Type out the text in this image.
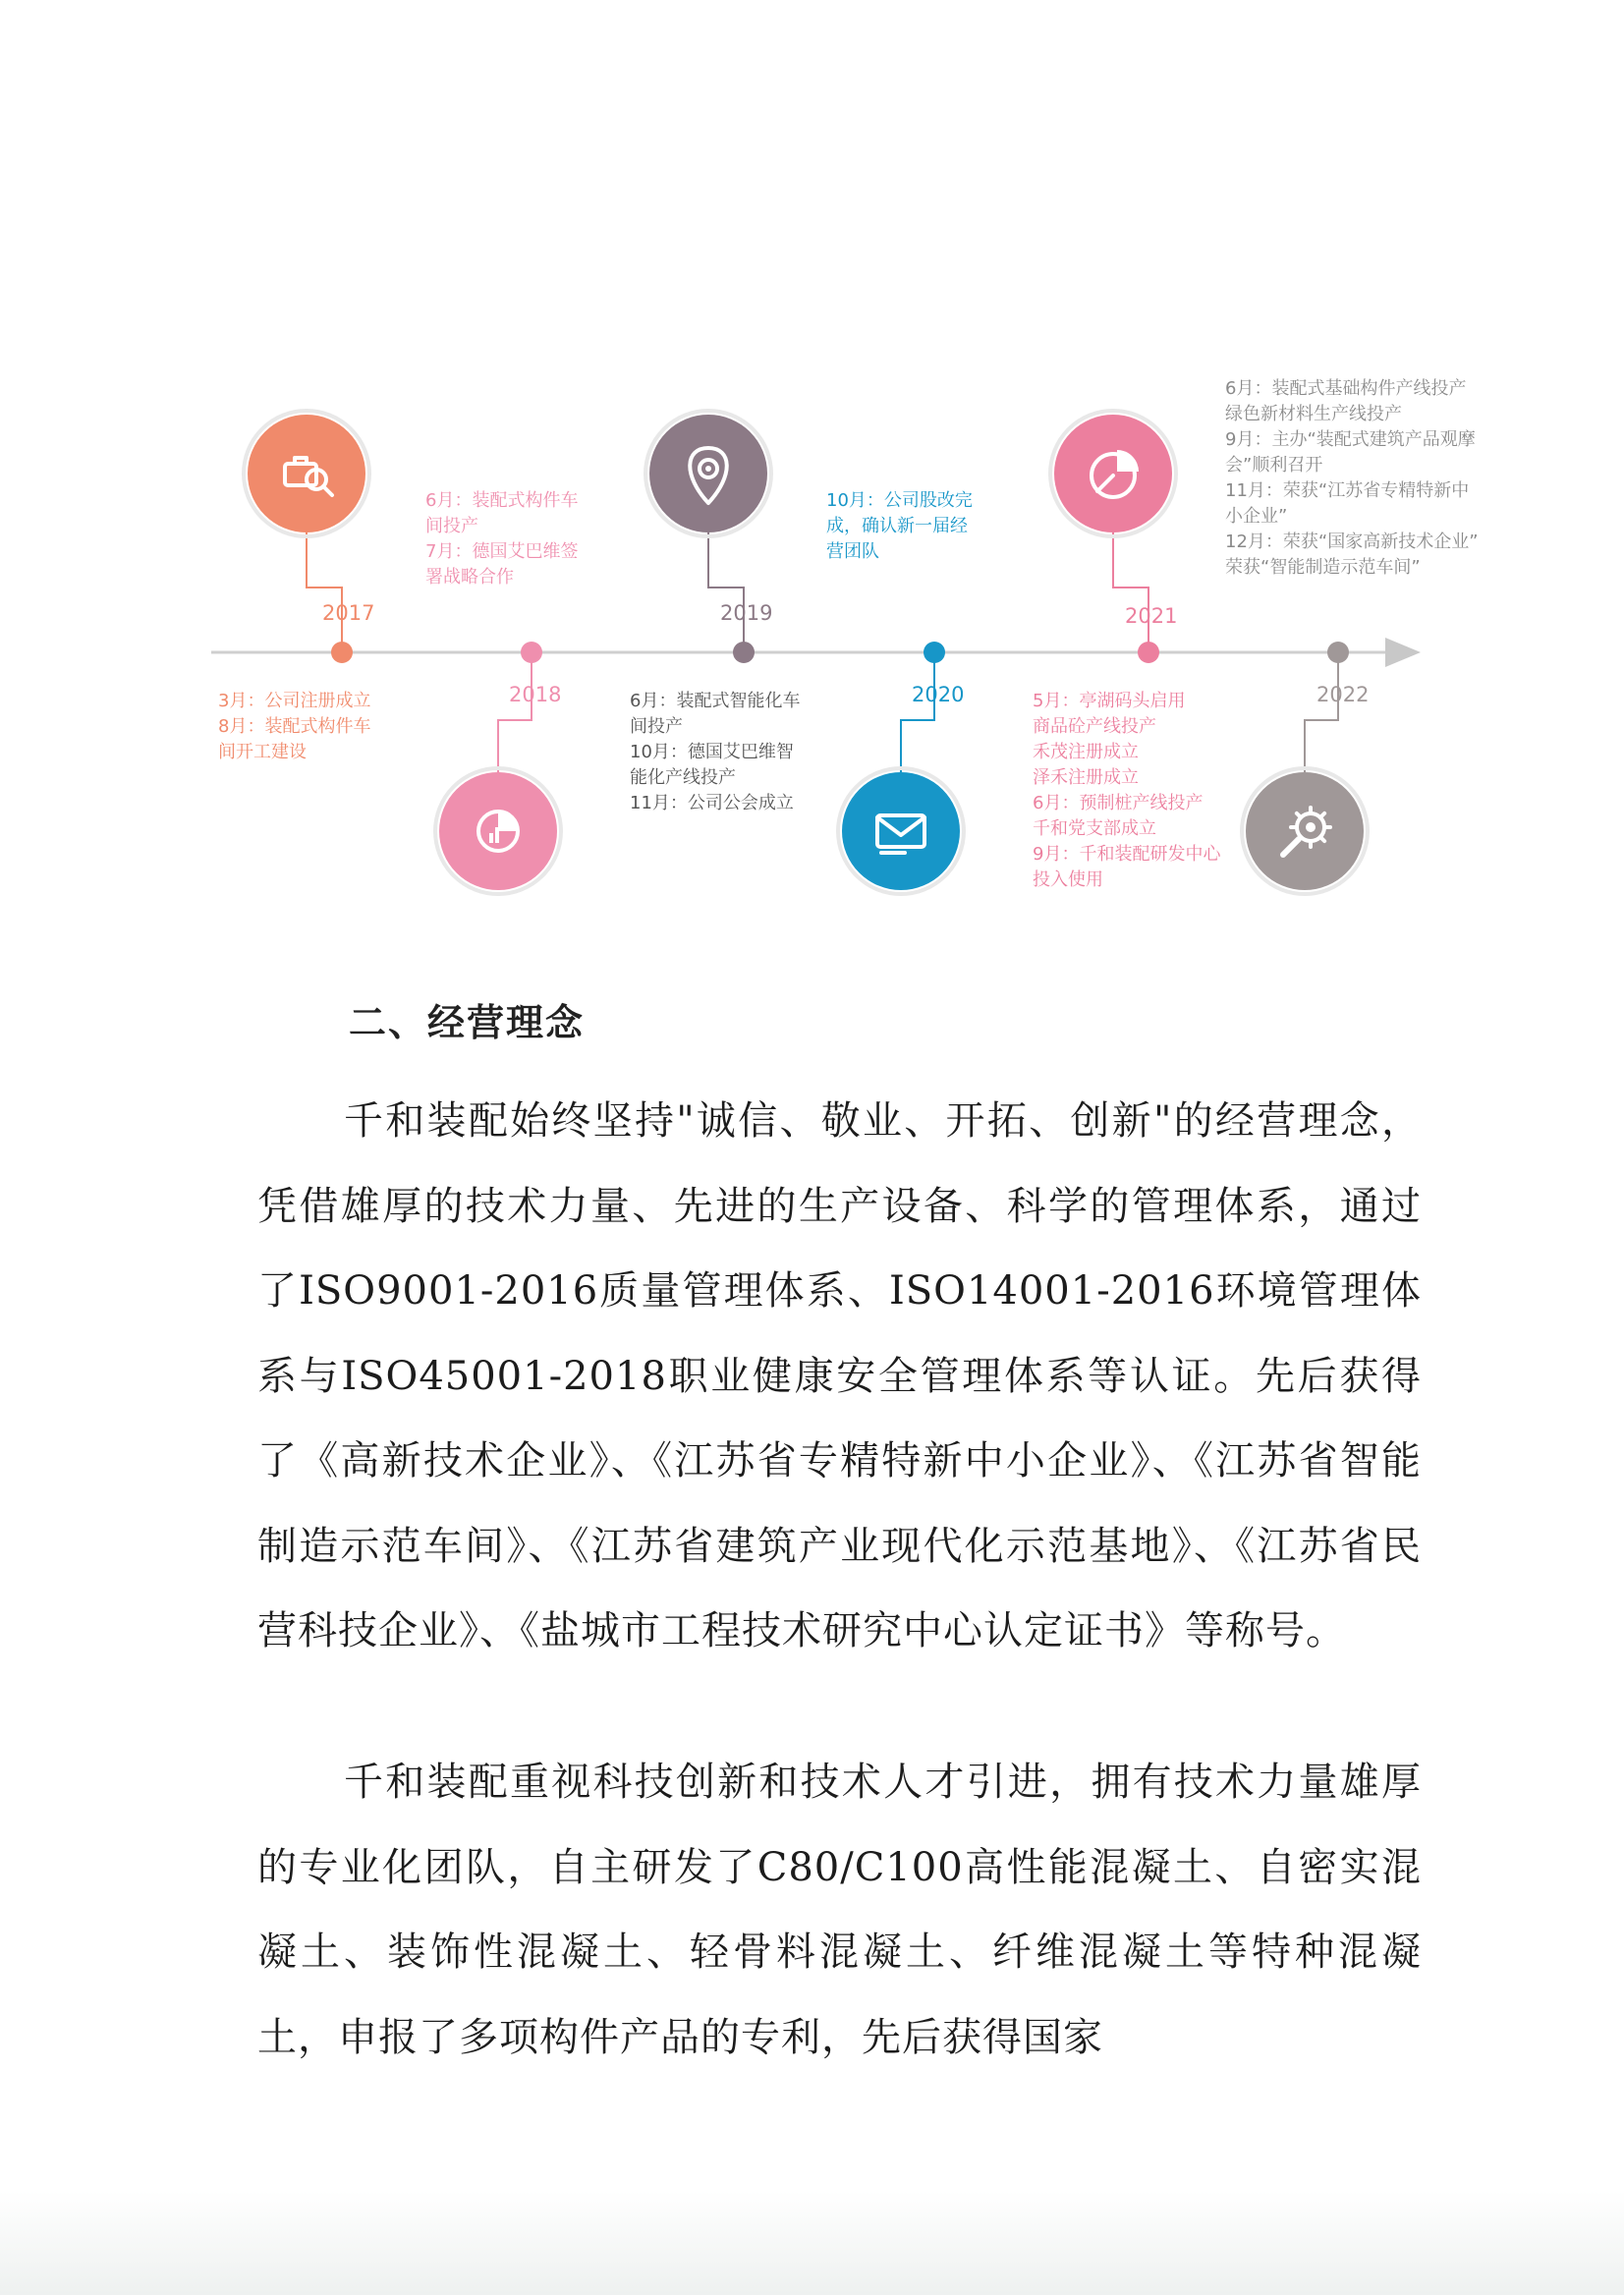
2017
3月：公司注册成立
8月：装配式构件车
间开工建设
2018
6月：装配式构件车
间投产
7月：德国艾巴维签
署战略合作
2019
6月：装配式智能化车
间投产
10月：德国艾巴维智
能化产线投产
11月：公司公会成立
2020
10月：公司股改完
成，确认新一届经
营团队
2021
5月：亭湖码头启用
商品砼产线投产
禾茂注册成立
泽禾注册成立
6月：预制桩产线投产
千和党支部成立
9月：千和装配研发中心
投入使用
2022
6月：装配式基础构件产线投产
绿色新材料生产线投产
9月：主办“装配式建筑产品观摩
会”顺利召开
11月：荣获“江苏省专精特新中
小企业”
12月：荣获“国家高新技术企业”
荣获“智能制造示范车间”
二、经营理念
千和装配始终坚持"诚信、敬业、开拓、创新"的经营理念，凭借雄厚的技术力量、先进的生产设备、科学的管理体系，通过了ISO9001-2016质量管理体系、ISO14001-2016环境管理体系与ISO45001-2018职业健康安全管理体系等认证。先后获得了《高新技术企业》、《江苏省专精特新中小企业》、《江苏省智能制造示范车间》、《江苏省建筑产业现代化示范基地》、《江苏省民营科技企业》、《盐城市工程技术研究中心认定证书》等称号。
千和装配重视科技创新和技术人才引进，拥有技术力量雄厚的专业化团队，自主研发了C80/C100高性能混凝土、自密实混凝土、装饰性混凝土、轻骨料混凝土、纤维混凝土等特种混凝土，申报了多项构件产品的专利，先后获得国家
